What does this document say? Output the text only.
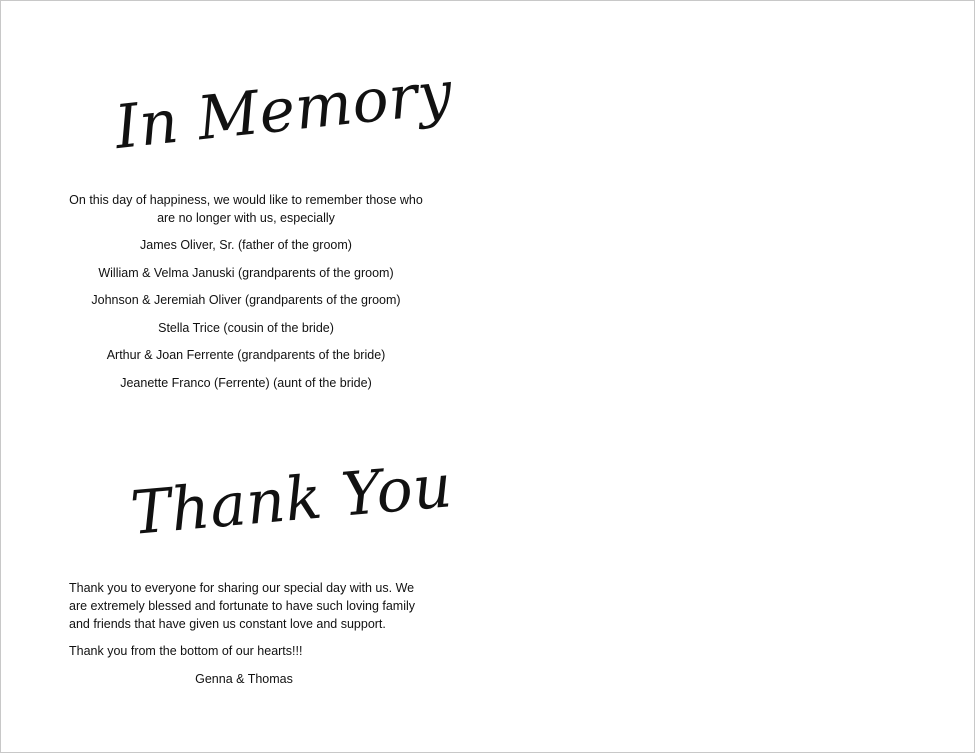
In Memory

On this day of happiness, we would like to remember those who are no longer with us, especially

James Oliver, Sr. (father of the groom)

William & Velma Januski (grandparents of the groom)

Johnson & Jeremiah Oliver (grandparents of the groom)

Stella Trice (cousin of the bride)

Arthur & Joan Ferrente (grandparents of the bride)

Jeanette Franco (Ferrente) (aunt of the bride)

Thank You

Thank you to everyone for sharing our special day with us. We are extremely blessed and fortunate to have such loving family and friends that have given us constant love and support.

Thank you from the bottom of our hearts!!!

Genna & Thomas
